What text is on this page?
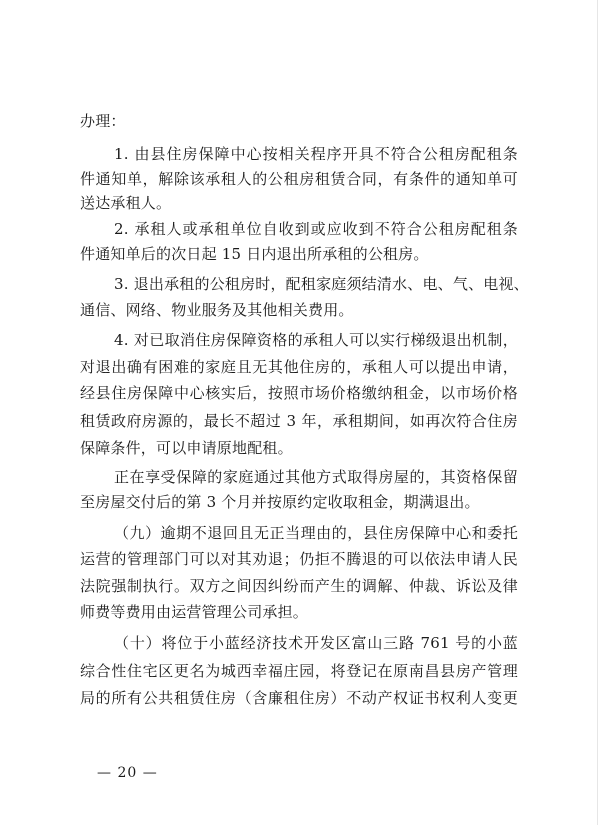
办理：
1. 由县住房保障中心按相关程序开具不符合公租房配租条
件通知单，解除该承租人的公租房租赁合同，有条件的通知单可
送达承租人。
2. 承租人或承租单位自收到或应收到不符合公租房配租条
件通知单后的次日起 15 日内退出所承租的公租房。
3. 退出承租的公租房时，配租家庭须结清水、电、气、电视、
通信、网络、物业服务及其他相关费用。
4. 对已取消住房保障资格的承租人可以实行梯级退出机制，
对退出确有困难的家庭且无其他住房的，承租人可以提出申请，
经县住房保障中心核实后，按照市场价格缴纳租金，以市场价格
租赁政府房源的，最长不超过 3 年，承租期间，如再次符合住房
保障条件，可以申请原地配租。
正在享受保障的家庭通过其他方式取得房屋的，其资格保留
至房屋交付后的第 3 个月并按原约定收取租金，期满退出。
（九）逾期不退回且无正当理由的，县住房保障中心和委托
运营的管理部门可以对其劝退；仍拒不腾退的可以依法申请人民
法院强制执行。双方之间因纠纷而产生的调解、仲裁、诉讼及律
师费等费用由运营管理公司承担。
（十）将位于小蓝经济技术开发区富山三路 761 号的小蓝
综合性住宅区更名为城西幸福庄园，将登记在原南昌县房产管理
局的所有公共租赁住房（含廉租住房）不动产权证书权利人变更
— 20 —
